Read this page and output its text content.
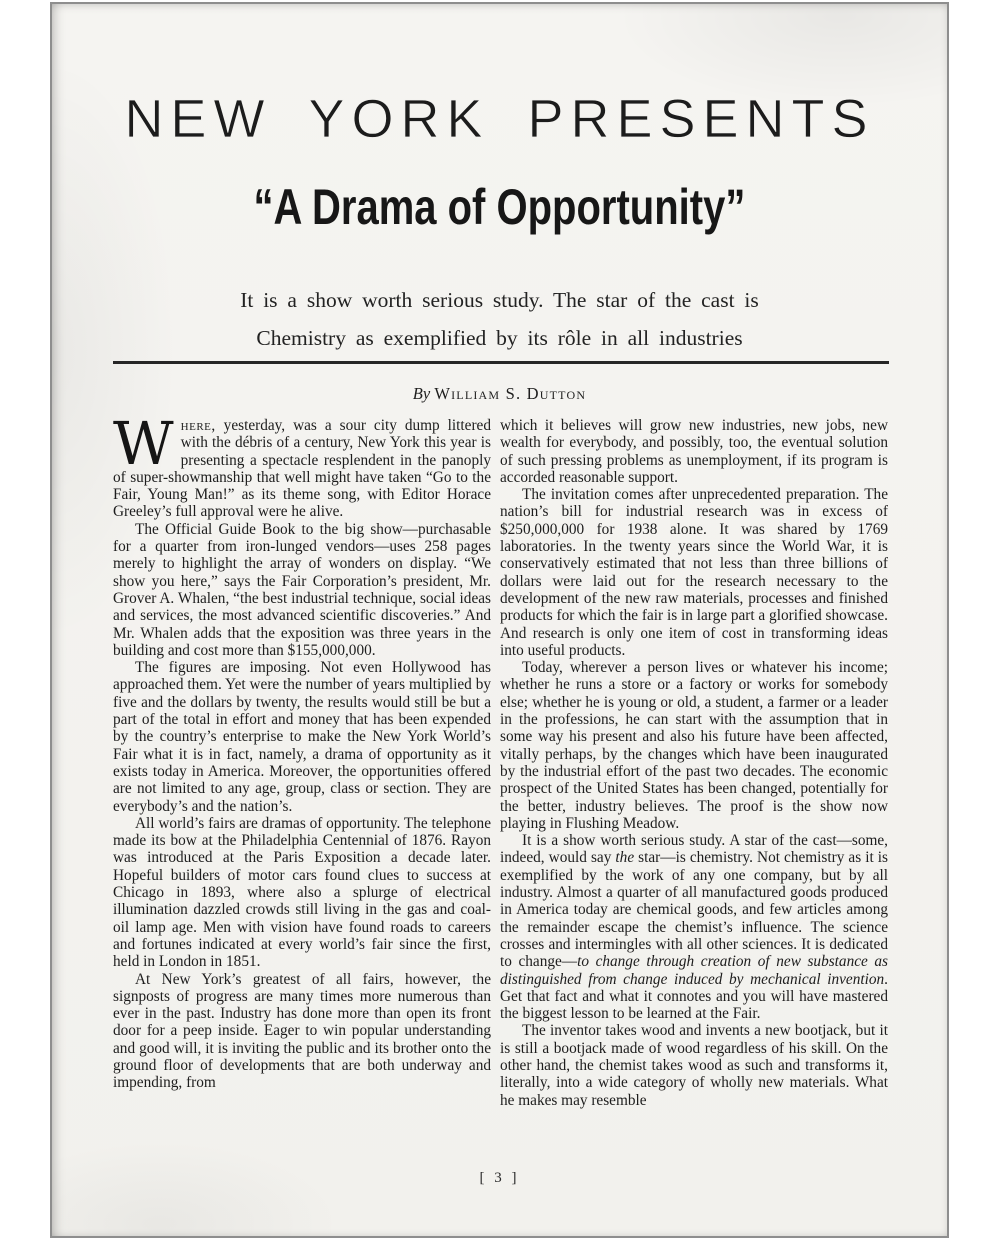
NEW YORK PRESENTS
“A Drama of Opportunity”
It is a show worth serious study. The star of the cast is
Chemistry as exemplified by its rôle in all industries
By William S. Dutton

Where, yesterday, was a sour city dump littered with the débris of a century, New York this year is presenting a spectacle resplendent in the panoply of super-showmanship that well might have taken “Go to the Fair, Young Man!” as its theme song, with Editor Horace Greeley’s full approval were he alive.

The Official Guide Book to the big show—purchasable for a quarter from iron-lunged vendors—uses 258 pages merely to highlight the array of wonders on display. “We show you here,” says the Fair Corporation’s president, Mr. Grover A. Whalen, “the best industrial technique, social ideas and services, the most advanced scientific discoveries.” And Mr. Whalen adds that the exposition was three years in the building and cost more than $155,000,000.

The figures are imposing. Not even Hollywood has approached them. Yet were the number of years multiplied by five and the dollars by twenty, the results would still be but a part of the total in effort and money that has been expended by the country’s enterprise to make the New York World’s Fair what it is in fact, namely, a drama of opportunity as it exists today in America. Moreover, the opportunities offered are not limited to any age, group, class or section. They are everybody’s and the nation’s.

All world’s fairs are dramas of opportunity. The telephone made its bow at the Philadelphia Centennial of 1876. Rayon was introduced at the Paris Exposition a decade later. Hopeful builders of motor cars found clues to success at Chicago in 1893, where also a splurge of electrical illumination dazzled crowds still living in the gas and coal-oil lamp age. Men with vision have found roads to careers and fortunes indicated at every world’s fair since the first, held in London in 1851.

At New York’s greatest of all fairs, however, the signposts of progress are many times more numerous than ever in the past. Industry has done more than open its front door for a peep inside. Eager to win popular understanding and good will, it is inviting the public and its brother onto the ground floor of developments that are both underway and impending, from

which it believes will grow new industries, new jobs, new wealth for everybody, and possibly, too, the eventual solution of such pressing problems as unemployment, if its program is accorded reasonable support.

The invitation comes after unprecedented preparation. The nation’s bill for industrial research was in excess of $250,000,000 for 1938 alone. It was shared by 1769 laboratories. In the twenty years since the World War, it is conservatively estimated that not less than three billions of dollars were laid out for the research necessary to the development of the new raw materials, processes and finished products for which the fair is in large part a glorified showcase. And research is only one item of cost in transforming ideas into useful products.

Today, wherever a person lives or whatever his income; whether he runs a store or a factory or works for somebody else; whether he is young or old, a student, a farmer or a leader in the professions, he can start with the assumption that in some way his present and also his future have been affected, vitally perhaps, by the changes which have been inaugurated by the industrial effort of the past two decades. The economic prospect of the United States has been changed, potentially for the better, industry believes. The proof is the show now playing in Flushing Meadow.

It is a show worth serious study. A star of the cast—some, indeed, would say the star—is chemistry. Not chemistry as it is exemplified by the work of any one company, but by all industry. Almost a quarter of all manufactured goods produced in America today are chemical goods, and few articles among the remainder escape the chemist’s influence. The science crosses and intermingles with all other sciences. It is dedicated to change—to change through creation of new substance as distinguished from change induced by mechanical invention. Get that fact and what it connotes and you will have mastered the biggest lesson to be learned at the Fair.

The inventor takes wood and invents a new bootjack, but it is still a bootjack made of wood regardless of his skill. On the other hand, the chemist takes wood as such and transforms it, literally, into a wide category of wholly new materials. What he makes may resemble

[ 3 ]
